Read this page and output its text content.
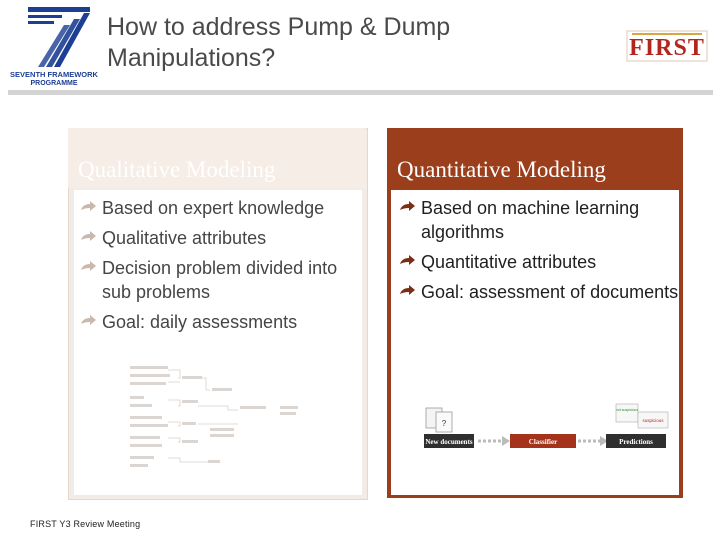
SEVENTH FRAMEWORK
PROGRAMME
How to address Pump & Dump
Manipulations?	FIRST
Qualitative Modeling
Based on expert knowledge
Qualitative attributes
Decision problem divided into sub problems
Goal: daily assessments
Quantitative Modeling
Based on machine learning algorithms
Quantitative attributes
Goal: assessment of documents
?
New documents	Classifier
not suspicious
suspicious
Predictions
FIRST Y3 Review Meeting
